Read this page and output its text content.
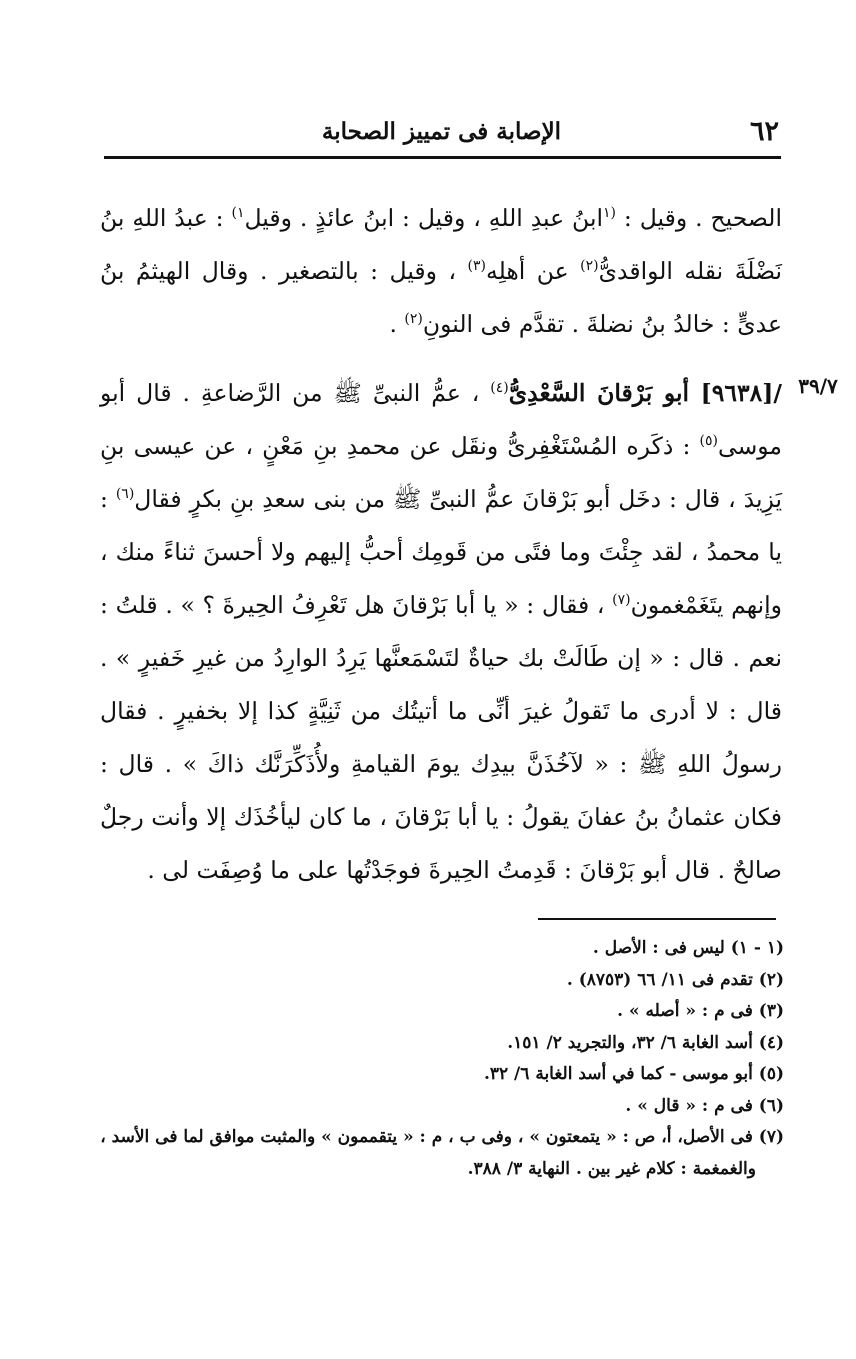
٦٢
الإصابة فى تمييز الصحابة
٣٩/٧

الصحيح . وقيل : $^{(١}$ابنُ عبدِ اللهِ ، وقيل : ابنُ عائذٍ . وقيل$^{١)}$ : عبدُ اللهِ بنُ نَضْلَةَ نقله الواقدىُّ$^{(٢)}$ عن أهلِه$^{(٣)}$ ، وقيل : بالتصغير . وقال الهيثمُ بنُ عدىٍّ : خالدُ بنُ نضلةَ . تقدَّم فى النونِ$^{(٢)}$ .

/[٩٦٣٨] أبو بَرْقانَ السَّعْدِىُّ$^{(٤)}$ ، عمُّ النبىِّ ﷺ من الرَّضاعةِ . قال أبو موسى$^{(٥)}$ : ذكَره المُسْتَغْفِرىُّ ونقَل عن محمدِ بنِ مَعْنٍ ، عن عيسى بنِ يَزِيدَ ، قال : دخَل أبو بَرْقانَ عمُّ النبىِّ ﷺ من بنى سعدِ بنِ بكرٍ فقال$^{(٦)}$ : يا محمدُ ، لقد جِئْتَ وما فتًى من قَومِك أحبُّ إليهم ولا أحسنَ ثناءً منك ، وإنهم يتَغَمْغمون$^{(٧)}$ ، فقال : « يا أبا بَرْقانَ هل تَعْرِفُ الحِيرةَ ؟ » . قلتُ : نعم . قال : « إن طَالَتْ بك حياةٌ لتَسْمَعنَّها يَرِدُ الوارِدُ من غيرِ خَفيرٍ » . قال : لا أدرى ما تَقولُ غيرَ أنِّى ما أتيتُك من ثَنِيَّةٍ كذا إلا بخفيرٍ . فقال رسولُ اللهِ ﷺ : « لآخُذَنَّ بيدِك يومَ القيامةِ ولأُذَكِّرَنَّك ذاكَ » . قال : فكان عثمانُ بنُ عفانَ يقولُ : يا أبا بَرْقانَ ، ما كان ليأخُذَك إلا وأنت رجلٌ صالحٌ . قال أبو بَرْقانَ : قَدِمتُ الحِيرةَ فوجَدْتُها على ما وُصِفَت لى .

(١ - ١) ليس فى : الأصل .

(٢) تقدم فى ١١/ ٦٦ (٨٧٥٣) .

(٣) فى م : « أصله » .

(٤) أسد الغابة ٦/ ٣٢، والتجريد ٢/ ١٥١.

(٥) أبو موسى - كما في أسد الغابة ٦/ ٣٢.

(٦) فى م : « قال » .

(٧) فى الأصل، أ، ص : « يتمعتون » ، وفى ب ، م : « يتقممون » والمثبت موافق لما فى الأسد ،

والغمغمة : كلام غير بين . النهاية ٣/ ٣٨٨.
